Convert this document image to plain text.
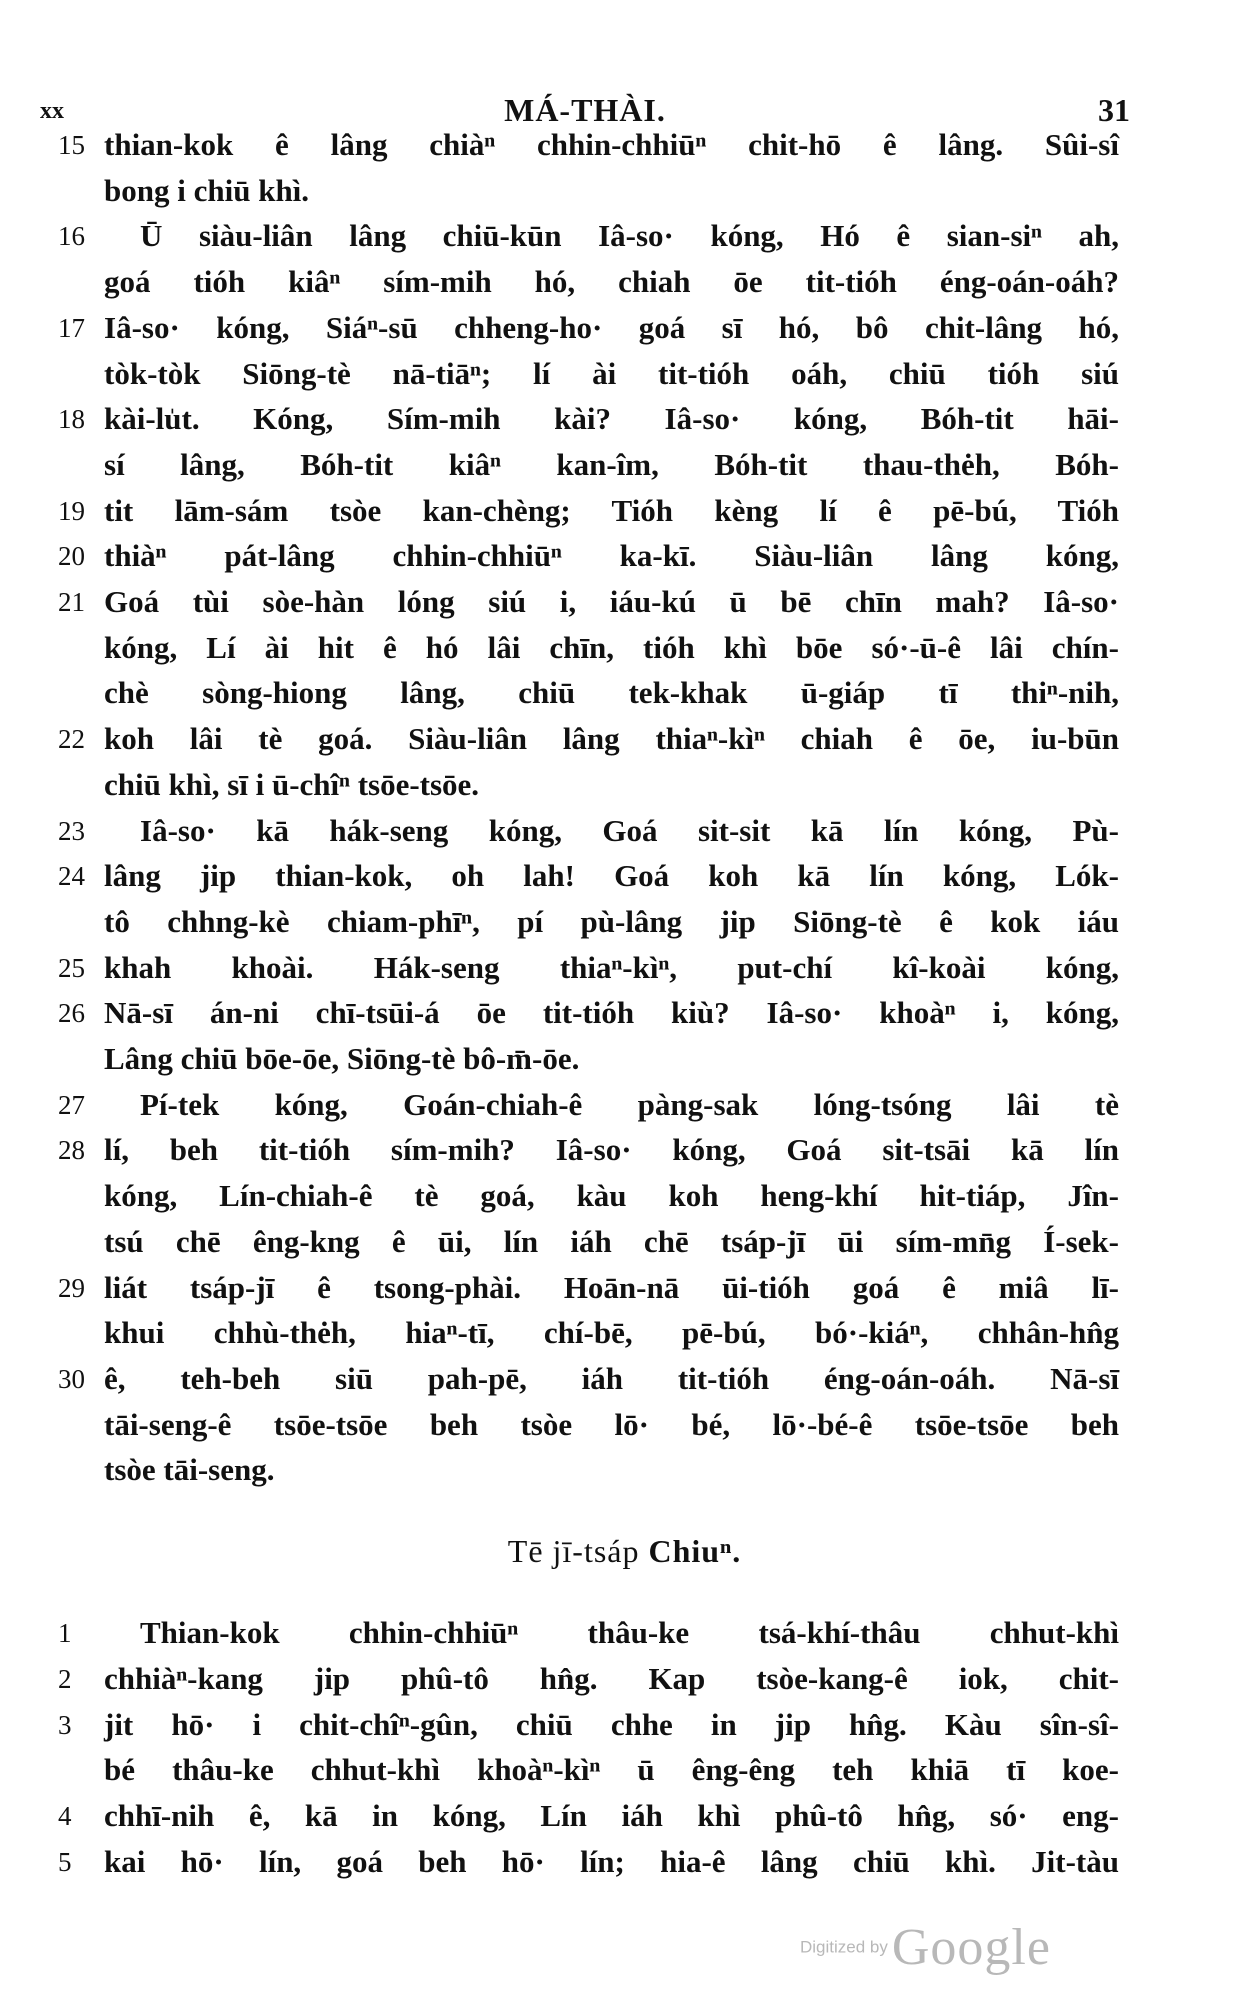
xx	MÁ-THÀI.	31
15 thian-kok ê lâng chiàⁿ chhin-chhiūⁿ chit-hō ê lâng. Sûi-sî
bong i chiū khì.
16	Ū siàu-liân lâng chiū-kūn Iâ-so· kóng, Hó ê sian-siⁿ ah,
goá tióh kiâⁿ sím-mih hó, chiah ōe tit-tióh éng-oán-oáh?
17 Iâ-so· kóng, Siáⁿ-sū chheng-ho· goá sī hó, bô chit-lâng hó,
tòk-tòk Siōng-tè nā-tiāⁿ; lí ài tit-tióh oáh, chiū tióh siú
18 kài-lu̍t. Kóng, Sím-mih kài? Iâ-so· kóng, Bóh-tit hāi-
sí lâng, Bóh-tit kiâⁿ kan-îm, Bóh-tit thau-thėh, Bóh-
19 tit lām-sám tsòe kan-chèng; Tióh kèng lí ê pē-bú, Tióh
20 thiàⁿ pát-lâng chhin-chhiūⁿ ka-kī. Siàu-liân lâng kóng,
21 Goá tùi sòe-hàn lóng siú i, iáu-kú ū bē chīn mah? Iâ-so·
kóng, Lí ài hit ê hó lâi chīn, tióh khì bōe só·-ū-ê lâi chín-
chè sòng-hiong lâng, chiū tek-khak ū-giáp tī thiⁿ-nih,
22 koh lâi tè goá. Siàu-liân lâng thiaⁿ-kìⁿ chiah ê ōe, iu-būn
chiū khì, sī i ū-chîⁿ tsōe-tsōe.
23	Iâ-so· kā hák-seng kóng, Goá sit-sit kā lín kóng, Pù-
24 lâng jip thian-kok, oh lah! Goá koh kā lín kóng, Lók-
tô chhng-kè chiam-phīⁿ, pí pù-lâng jip Siōng-tè ê kok iáu
25 khah khoài. Hák-seng thiaⁿ-kìⁿ, put-chí kî-koài kóng,
26 Nā-sī án-ni chī-tsūi-á ōe tit-tióh kiù? Iâ-so· khoàⁿ i, kóng,
Lâng chiū bōe-ōe, Siōng-tè bô-m̄-ōe.
27	Pí-tek kóng, Goán-chiah-ê pàng-sak lóng-tsóng lâi tè
28 lí, beh tit-tióh sím-mih? Iâ-so· kóng, Goá sit-tsāi kā lín
kóng, Lín-chiah-ê tè goá, kàu koh heng-khí hit-tiáp, Jîn-
tsú chē êng-kng ê ūi, lín iáh chē tsáp-jī ūi sím-mn̄g Í-sek-
29 liát tsáp-jī ê tsong-phài. Hoān-nā ūi-tióh goá ê miâ lī-
khui chhù-thėh, hiaⁿ-tī, chí-bē, pē-bú, bó·-kiáⁿ, chhân-hn̂g
30 ê, teh-beh siū pah-pē, iáh tit-tióh éng-oán-oáh. Nā-sī
tāi-seng-ê tsōe-tsōe beh tsòe lō· bé, lō·-bé-ê tsōe-tsōe beh
tsòe tāi-seng.
Tē jī-tsáp Chiuⁿ.
1	Thian-kok chhin-chhiūⁿ thâu-ke tsá-khí-thâu chhut-khì
2	chhiàⁿ-kang jip phû-tô hn̂g. Kap tsòe-kang-ê iok, chit-
3	jit hō· i chit-chîⁿ-gûn, chiū chhe in jip hn̂g. Kàu sîn-sî-
bé thâu-ke chhut-khì khoàⁿ-kìⁿ ū êng-êng teh khiā tī koe-
4	chhī-nih ê, kā in kóng, Lín iáh khì phû-tô hn̂g, só· eng-
5	kai hō· lín, goá beh hō· lín; hia-ê lâng chiū khì. Jit-tàu
Digitized by Google
